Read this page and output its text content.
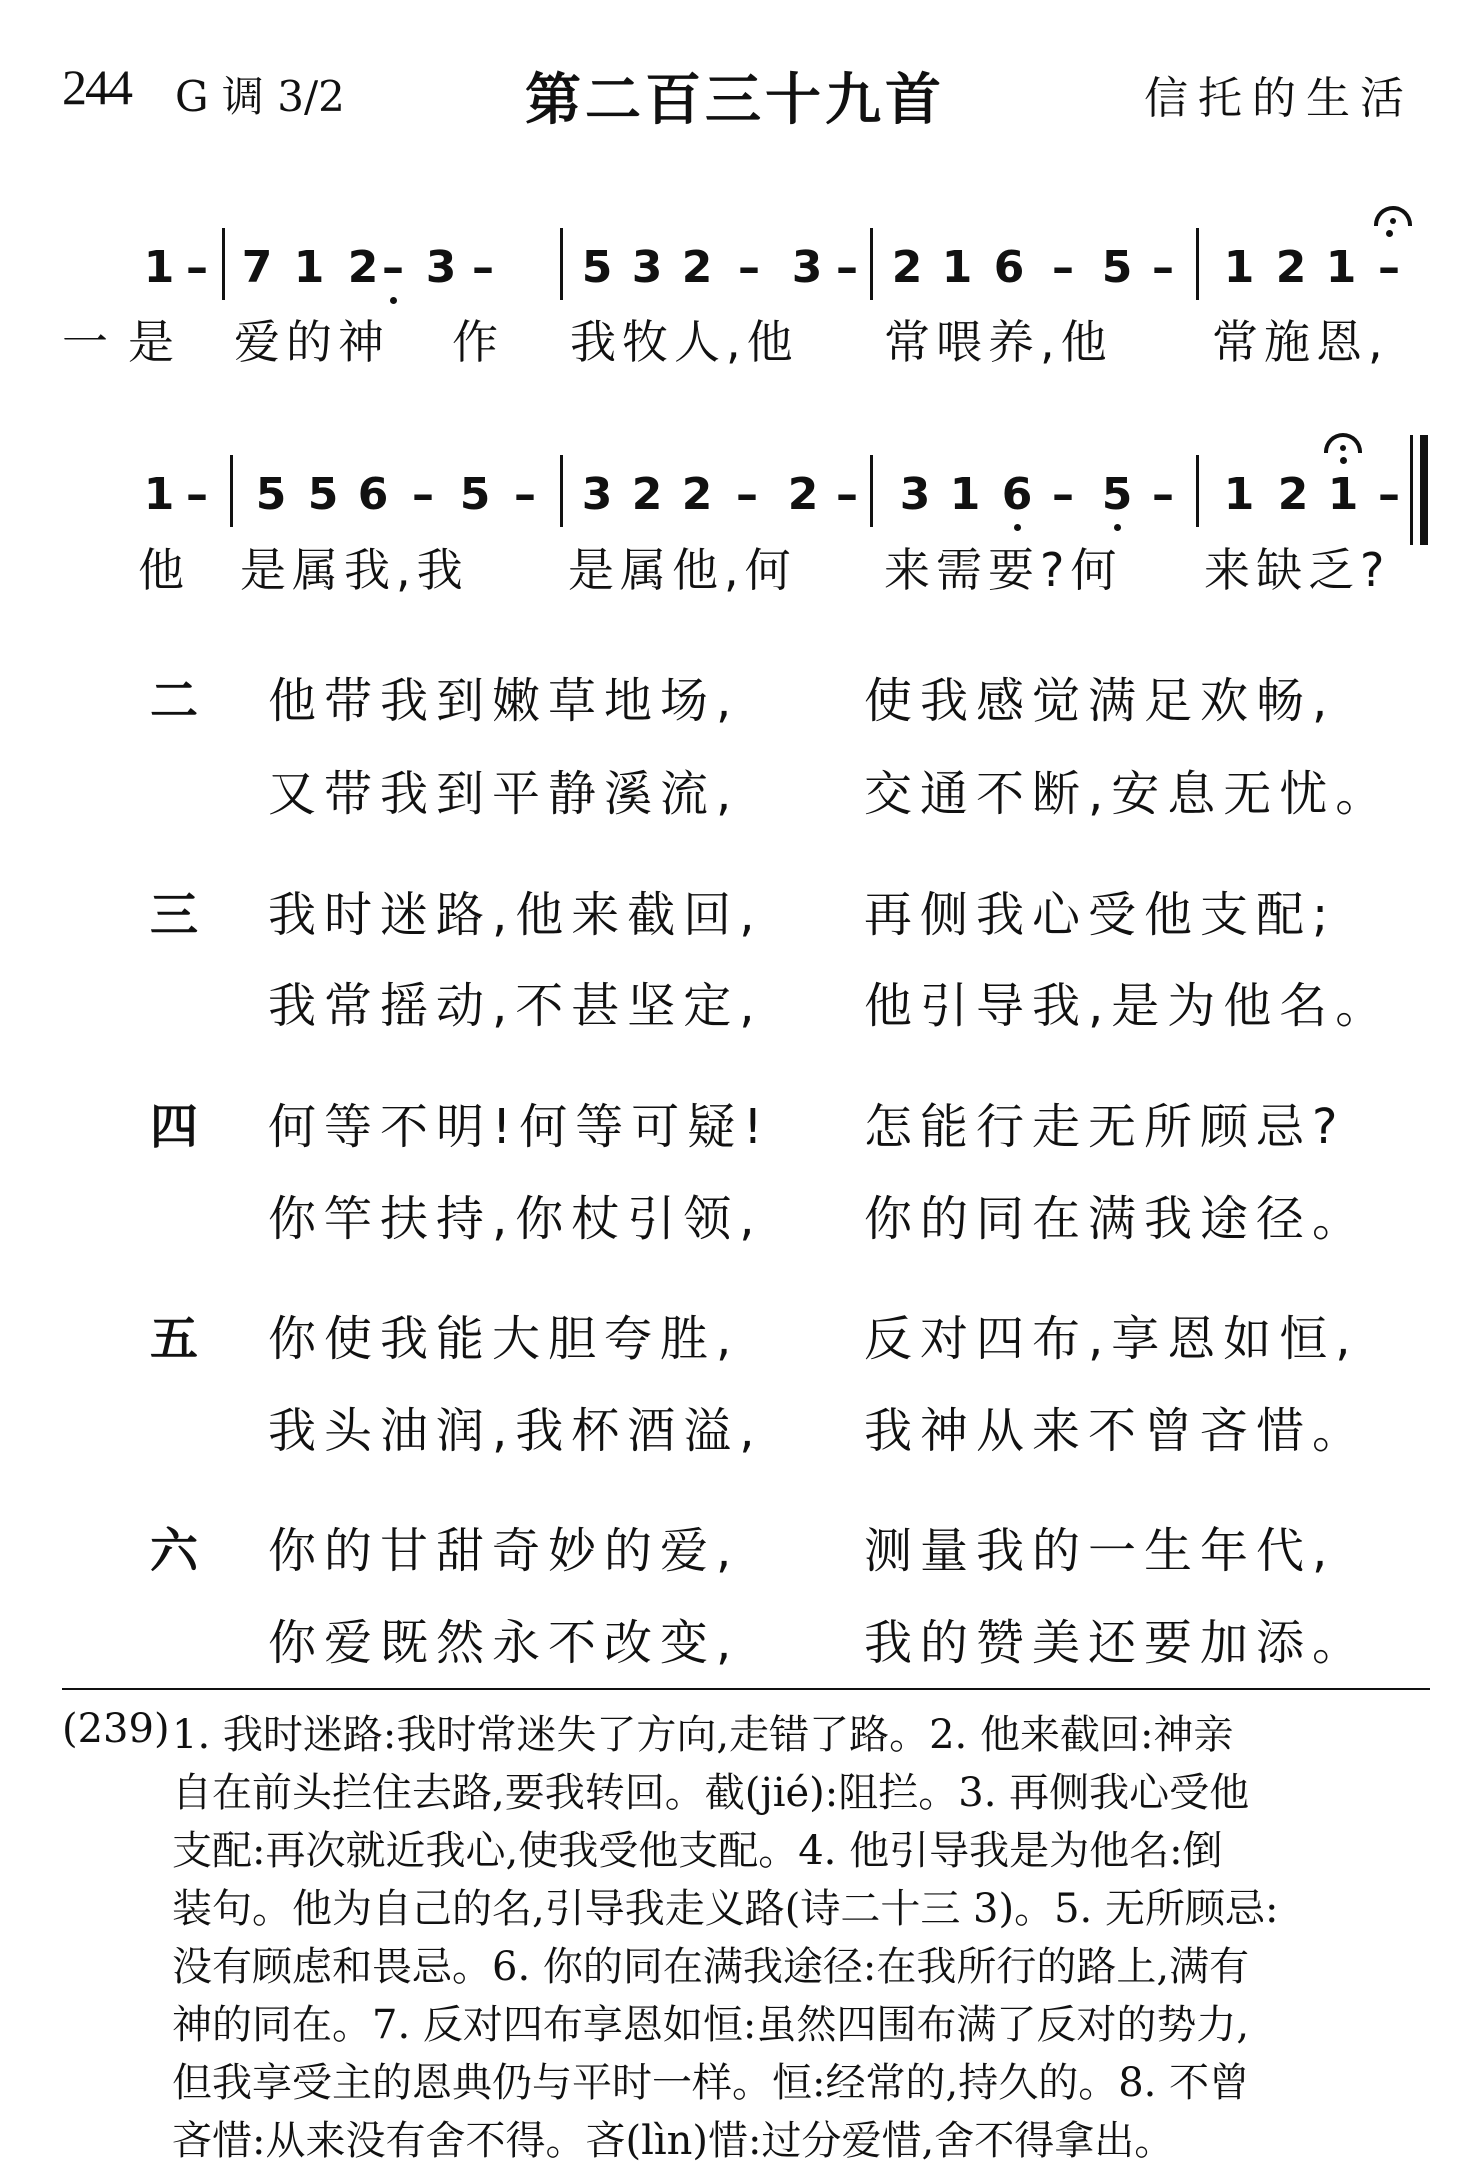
244 G 调 3/2	第二百三十九首	信托的生活
1 – 7 1 2 – 3 – 5 3 2 – 3 – 2 1 6 – 5 – 1 2 1 –
一 是 爱的神 作 我牧人,他 常喂养,他 常施恩,
1 – 5 5 6 – 5 – 3 2 2 – 2 – 3 1 6 – 5 – 1 2 1 –
他 是属我,我 是属他,何 来需要?何 来缺乏?
二 他带我到嫩草地场,	使我感觉满足欢畅,
又带我到平静溪流,	交通不断,安息无忧。
三 我时迷路,他来截回, 再侧我心受他支配;
我常摇动,不甚坚定, 他引导我,是为他名。
四 何等不明!何等可疑! 怎能行走无所顾忌?
你竿扶持,你杖引领, 你的同在满我途径。
五 你使我能大胆夸胜,	反对四布,享恩如恒,
我头油润,我杯酒溢, 我神从来不曾吝惜。
六 你的甘甜奇妙的爱,	测量我的一生年代,
你爱既然永不改变,	我的赞美还要加添。
(239) 1. 我时迷路:我时常迷失了方向,走错了路。2. 他来截回:神亲
自在前头拦住去路,要我转回。截(jié):阻拦。3. 再侧我心受他
支配:再次就近我心,使我受他支配。4. 他引导我是为他名:倒
装句。他为自己的名,引导我走义路(诗二十三 3)。5. 无所顾忌:
没有顾虑和畏忌。6. 你的同在满我途径:在我所行的路上,满有
神的同在。7. 反对四布享恩如恒:虽然四围布满了反对的势力,
但我享受主的恩典仍与平时一样。恒:经常的,持久的。8. 不曾
吝惜:从来没有舍不得。吝(lìn)惜:过分爱惜,舍不得拿出。
